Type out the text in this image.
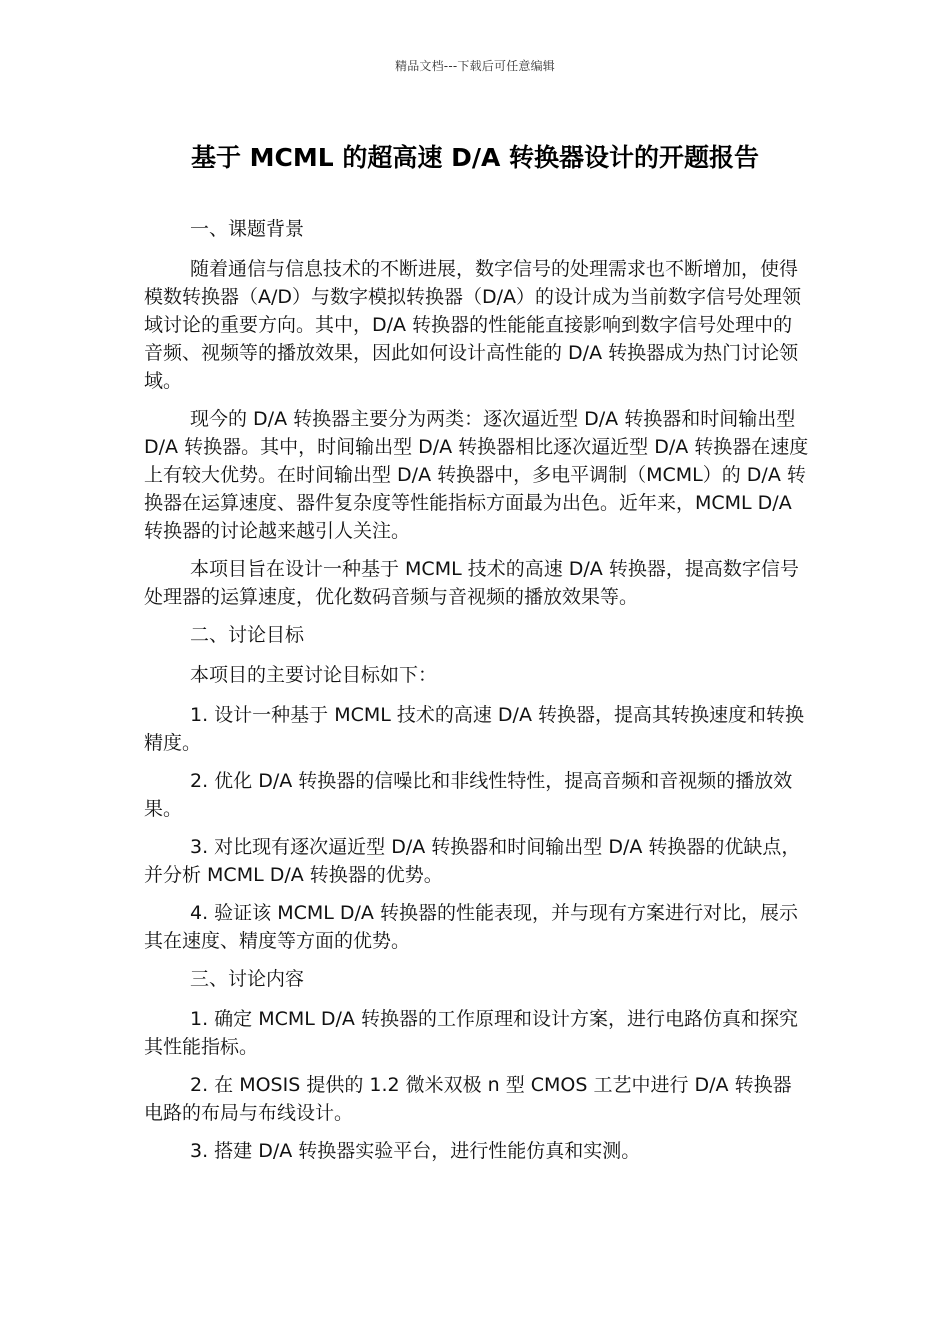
精品文档---下载后可任意编辑
基于 MCML 的超高速 D/A 转换器设计的开题报告

一、课题背景

随着通信与信息技术的不断进展，数字信号的处理需求也不断增加，使得模数转换器（A/D）与数字模拟转换器（D/A）的设计成为当前数字信号处理领域讨论的重要方向。其中，D/A 转换器的性能能直接影响到数字信号处理中的音频、视频等的播放效果，因此如何设计高性能的 D/A 转换器成为热门讨论领域。

现今的 D/A 转换器主要分为两类：逐次逼近型 D/A 转换器和时间输出型 D/A 转换器。其中，时间输出型 D/A 转换器相比逐次逼近型 D/A 转换器在速度上有较大优势。在时间输出型 D/A 转换器中，多电平调制（MCML）的 D/A 转换器在运算速度、器件复杂度等性能指标方面最为出色。近年来，MCML D/A 转换器的讨论越来越引人关注。

本项目旨在设计一种基于 MCML 技术的高速 D/A 转换器，提高数字信号处理器的运算速度，优化数码音频与音视频的播放效果等。

二、讨论目标

本项目的主要讨论目标如下：

1. 设计一种基于 MCML 技术的高速 D/A 转换器，提高其转换速度和转换精度。

2. 优化 D/A 转换器的信噪比和非线性特性，提高音频和音视频的播放效果。

3. 对比现有逐次逼近型 D/A 转换器和时间输出型 D/A 转换器的优缺点，并分析 MCML D/A 转换器的优势。

4. 验证该 MCML D/A 转换器的性能表现，并与现有方案进行对比，展示其在速度、精度等方面的优势。

三、讨论内容

1. 确定 MCML D/A 转换器的工作原理和设计方案，进行电路仿真和探究其性能指标。

2. 在 MOSIS 提供的 1.2 微米双极 n 型 CMOS 工艺中进行 D/A 转换器电路的布局与布线设计。

3. 搭建 D/A 转换器实验平台，进行性能仿真和实测。
